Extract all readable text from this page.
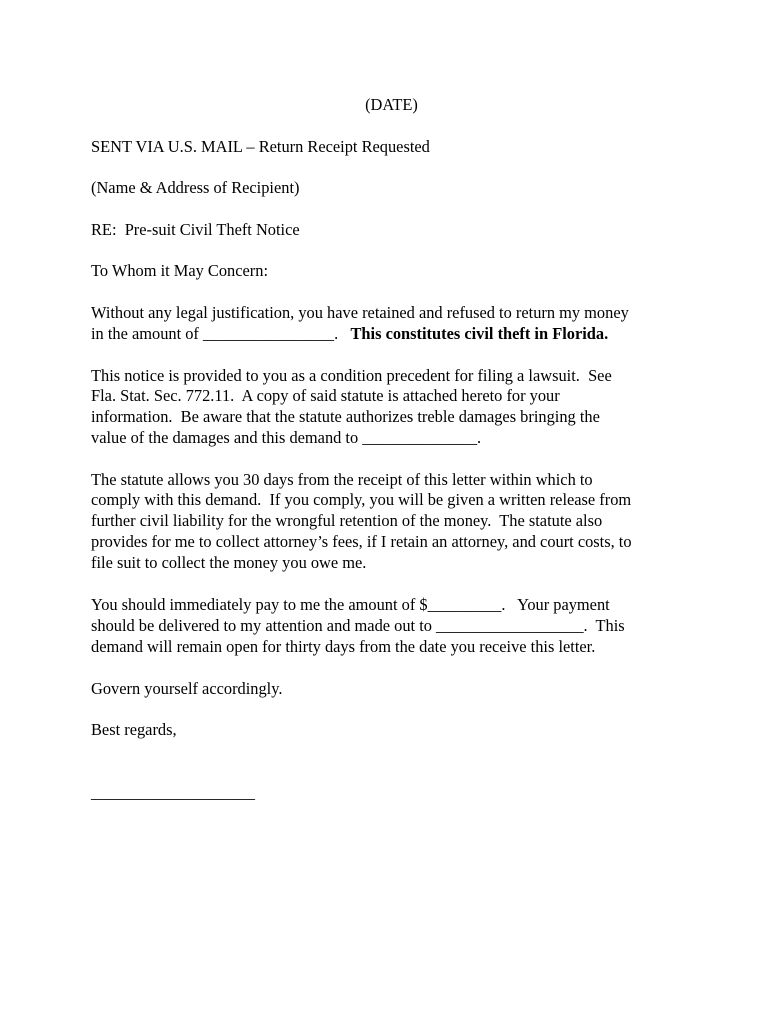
(DATE)
SENT VIA U.S. MAIL – Return Receipt Requested
(Name & Address of Recipient)
RE:  Pre-suit Civil Theft Notice
To Whom it May Concern:
Without any legal justification, you have retained and refused to return my money
in the amount of ________________.   This constitutes civil theft in Florida.
This notice is provided to you as a condition precedent for filing a lawsuit.  See
Fla. Stat. Sec. 772.11.  A copy of said statute is attached hereto for your
information.  Be aware that the statute authorizes treble damages bringing the
value of the damages and this demand to ______________.
The statute allows you 30 days from the receipt of this letter within which to
comply with this demand.  If you comply, you will be given a written release from
further civil liability for the wrongful retention of the money.  The statute also
provides for me to collect attorney’s fees, if I retain an attorney, and court costs, to
file suit to collect the money you owe me.
You should immediately pay to me the amount of $_________.   Your payment
should be delivered to my attention and made out to __________________.  This
demand will remain open for thirty days from the date you receive this letter.
Govern yourself accordingly.
Best regards,
____________________
